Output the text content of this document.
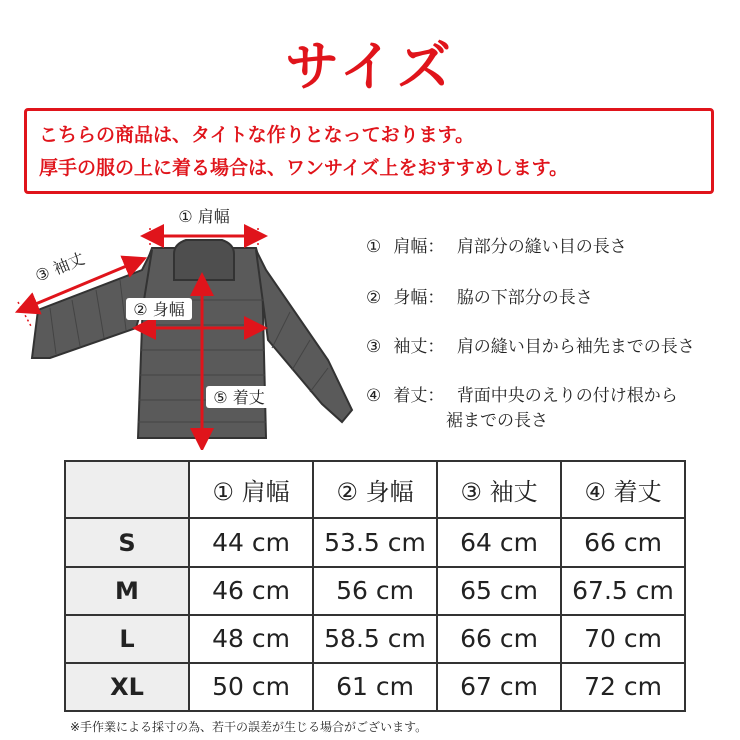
サイズ
こちらの商品は、タイトな作りとなっております。
厚手の服の上に着る場合は、ワンサイズ上をおすすめします。
① 肩幅
③ 袖丈
② 身幅
⑤ 着丈
① 肩幅： 肩部分の縫い目の長さ
② 身幅： 脇の下部分の長さ
③ 袖丈： 肩の縫い目から袖先までの長さ
④ 着丈： 背面中央のえりの付け根から
裾までの長さ
	① 肩幅	② 身幅	③ 袖丈	④ 着丈
S	44 cm	53.5 cm	64 cm	66 cm
M	46 cm	56 cm	65 cm	67.5 cm
L	48 cm	58.5 cm	66 cm	70 cm
XL	50 cm	61 cm	67 cm	72 cm
※手作業による採寸の為、若干の誤差が生じる場合がございます。
